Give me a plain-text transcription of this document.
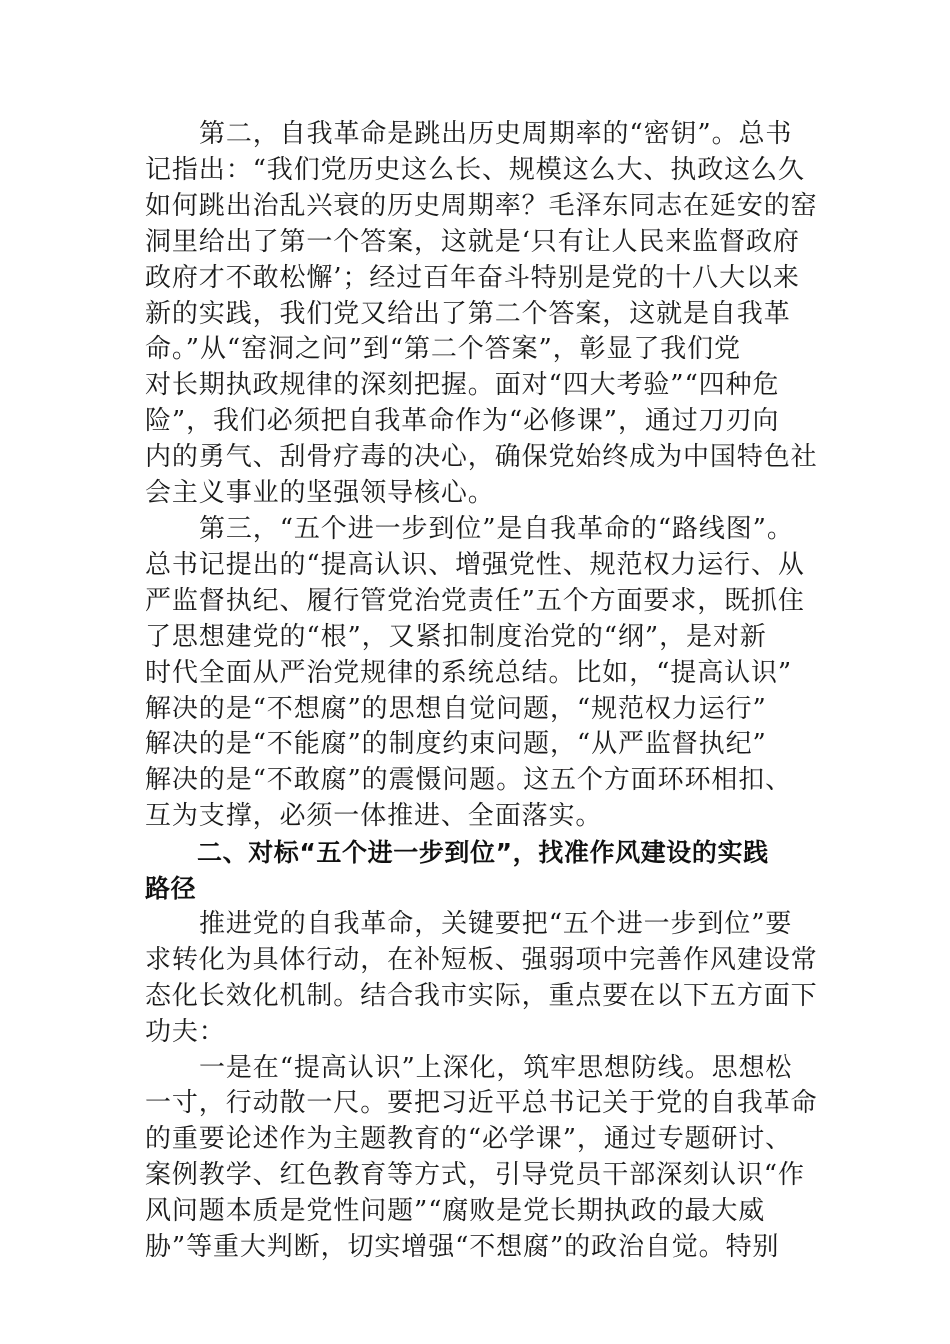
第二，自我革命是跳出历史周期率的“密钥”。总书
记指出：“我们党历史这么长、规模这么大、执政这么久
如何跳出治乱兴衰的历史周期率？毛泽东同志在延安的窑
洞里给出了第一个答案，这就是‘只有让人民来监督政府
政府才不敢松懈’；经过百年奋斗特别是党的十八大以来
新的实践，我们党又给出了第二个答案，这就是自我革
命。”从“窑洞之问”到“第二个答案”，彰显了我们党
对长期执政规律的深刻把握。面对“四大考验”“四种危
险”，我们必须把自我革命作为“必修课”，通过刀刃向
内的勇气、刮骨疗毒的决心，确保党始终成为中国特色社
会主义事业的坚强领导核心。

第三，“五个进一步到位”是自我革命的“路线图”。
总书记提出的“提高认识、增强党性、规范权力运行、从
严监督执纪、履行管党治党责任”五个方面要求，既抓住
了思想建党的“根”，又紧扣制度治党的“纲”，是对新
时代全面从严治党规律的系统总结。比如，“提高认识”
解决的是“不想腐”的思想自觉问题，“规范权力运行”
解决的是“不能腐”的制度约束问题，“从严监督执纪”
解决的是“不敢腐”的震慑问题。这五个方面环环相扣、
互为支撑，必须一体推进、全面落实。

二、对标“五个进一步到位”，找准作风建设的实践
路径

推进党的自我革命，关键要把“五个进一步到位”要
求转化为具体行动，在补短板、强弱项中完善作风建设常
态化长效化机制。结合我市实际，重点要在以下五方面下
功夫：

一是在“提高认识”上深化，筑牢思想防线。思想松
一寸，行动散一尺。要把习近平总书记关于党的自我革命
的重要论述作为主题教育的“必学课”，通过专题研讨、
案例教学、红色教育等方式，引导党员干部深刻认识“作
风问题本质是党性问题”“腐败是党长期执政的最大威
胁”等重大判断，切实增强“不想腐”的政治自觉。特别
